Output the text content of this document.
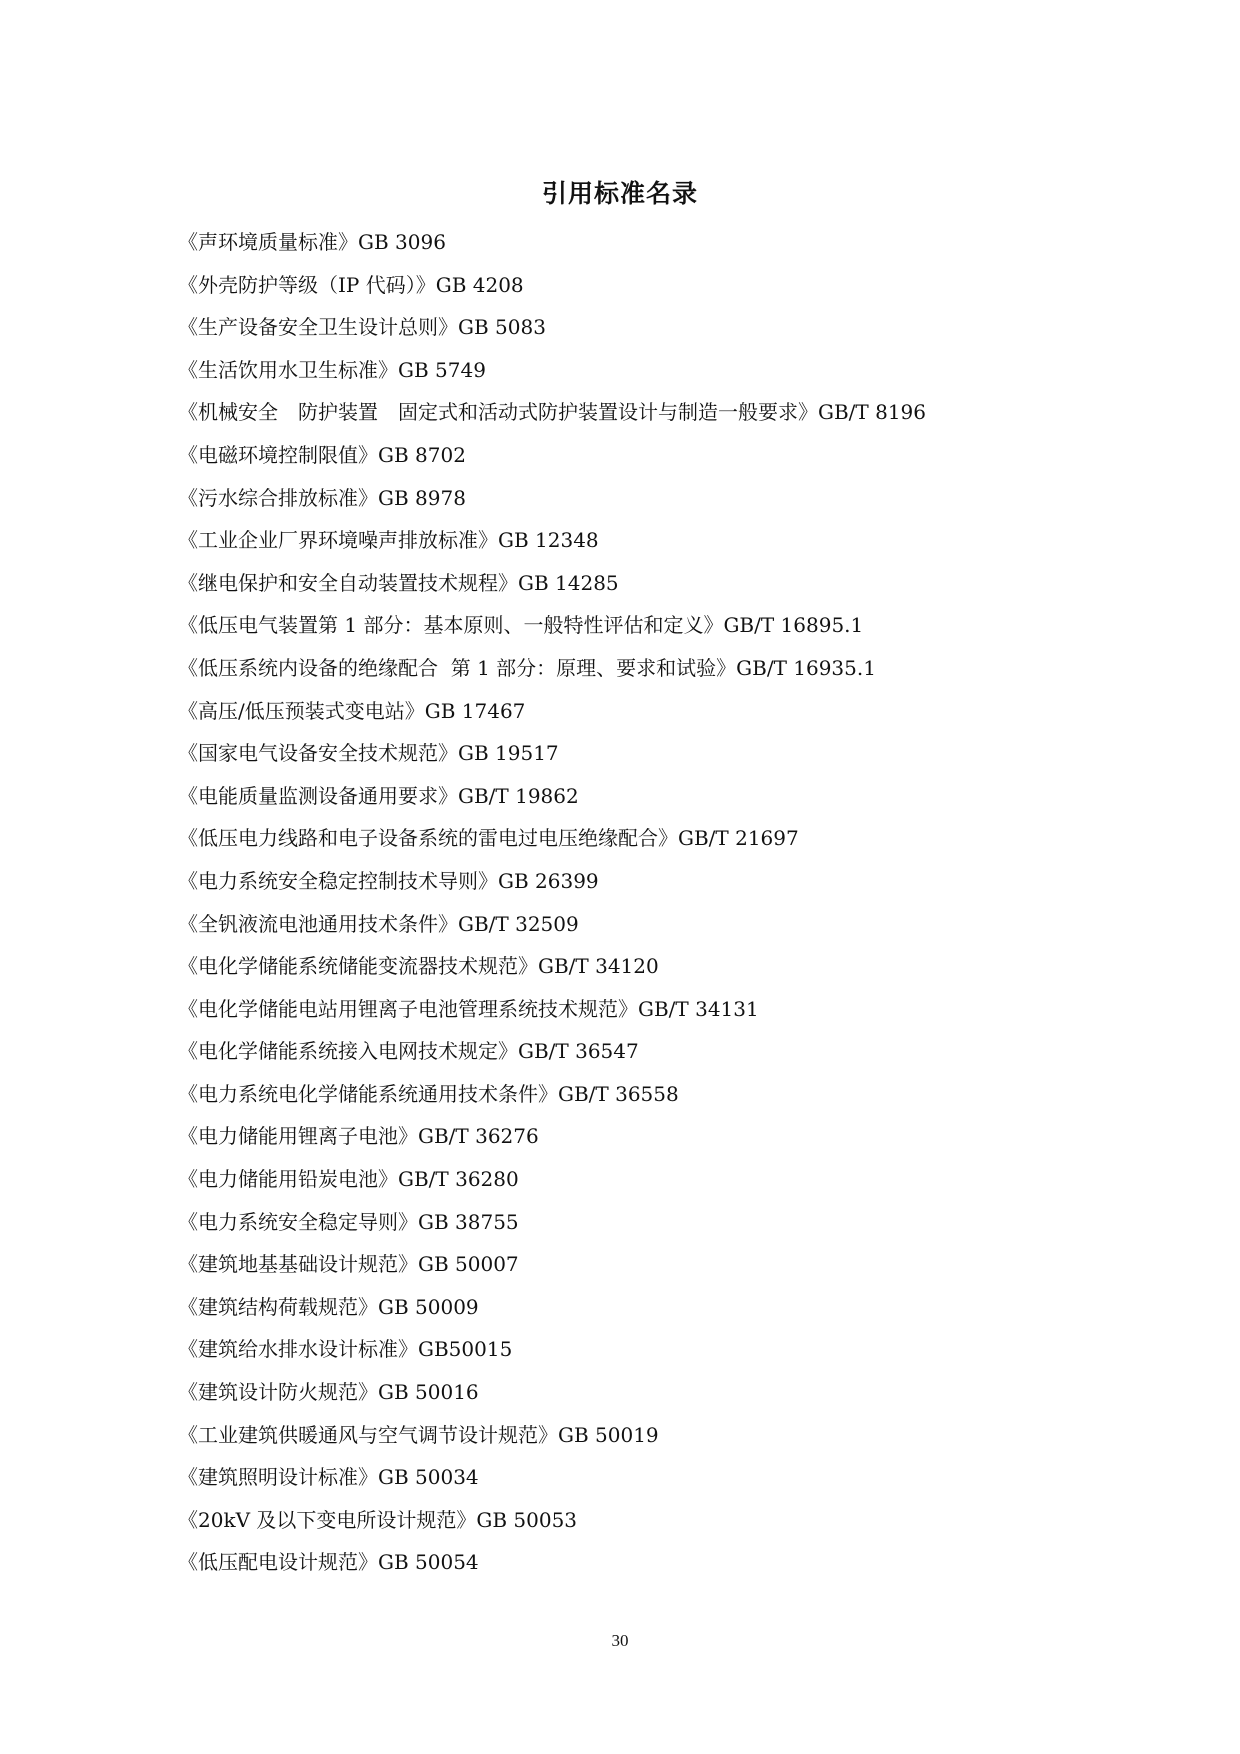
引用标准名录
《声环境质量标准》GB 3096
《外壳防护等级（IP 代码）》GB 4208
《生产设备安全卫生设计总则》GB 5083
《生活饮用水卫生标准》GB 5749
《机械安全　防护装置　固定式和活动式防护装置设计与制造一般要求》GB/T 8196
《电磁环境控制限值》GB 8702
《污水综合排放标准》GB 8978
《工业企业厂界环境噪声排放标准》GB 12348
《继电保护和安全自动装置技术规程》GB 14285
《低压电气装置第 1 部分：基本原则、一般特性评估和定义》GB/T 16895.1
《低压系统内设备的绝缘配合  第 1 部分：原理、要求和试验》GB/T 16935.1
《高压/低压预装式变电站》GB 17467
《国家电气设备安全技术规范》GB 19517
《电能质量监测设备通用要求》GB/T 19862
《低压电力线路和电子设备系统的雷电过电压绝缘配合》GB/T 21697
《电力系统安全稳定控制技术导则》GB 26399
《全钒液流电池通用技术条件》GB/T 32509
《电化学储能系统储能变流器技术规范》GB/T 34120
《电化学储能电站用锂离子电池管理系统技术规范》GB/T 34131
《电化学储能系统接入电网技术规定》GB/T 36547
《电力系统电化学储能系统通用技术条件》GB/T 36558
《电力储能用锂离子电池》GB/T 36276
《电力储能用铅炭电池》GB/T 36280
《电力系统安全稳定导则》GB 38755
《建筑地基基础设计规范》GB 50007
《建筑结构荷载规范》GB 50009
《建筑给水排水设计标准》GB50015
《建筑设计防火规范》GB 50016
《工业建筑供暖通风与空气调节设计规范》GB 50019
《建筑照明设计标准》GB 50034
《20kV 及以下变电所设计规范》GB 50053
《低压配电设计规范》GB 50054
30
